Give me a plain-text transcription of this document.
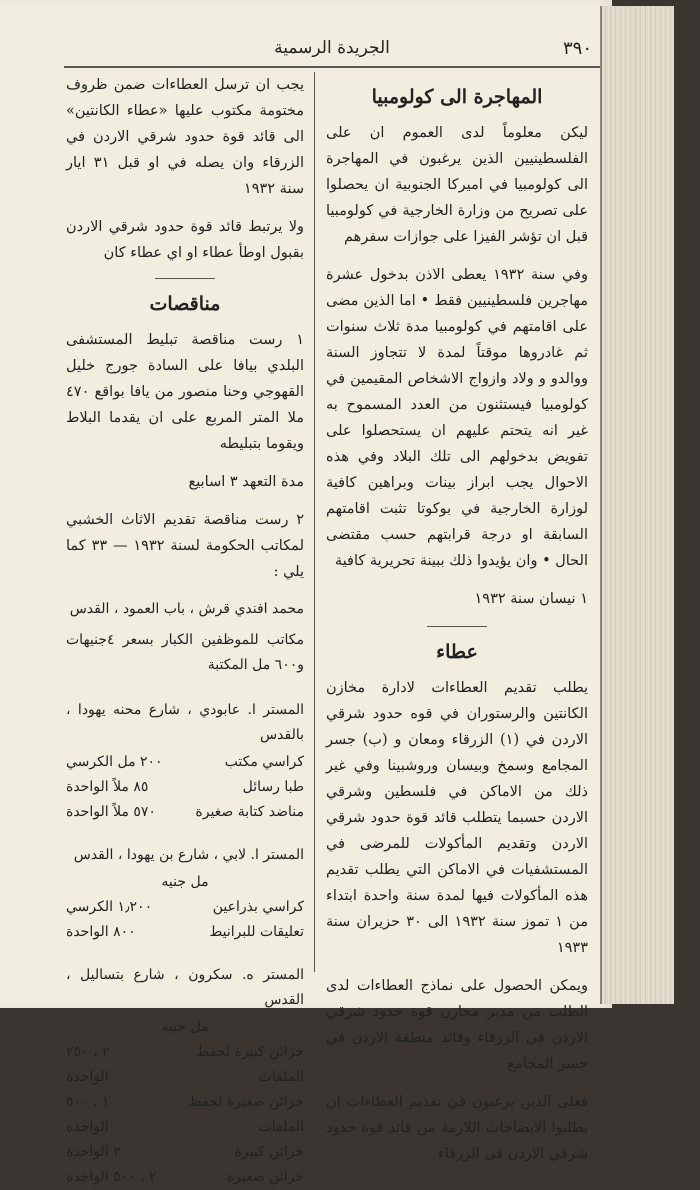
٣٩٠
الجريدة الرسمية
المهاجرة الى كولومبيا

ليكن معلوماً لدى العموم ان على الفلسطينيين الذين يرغبون في المهاجرة الى كولومبيا في اميركا الجنوبية ان يحصلوا على تصريح من وزارة الخارجية في كولومبيا قبل ان تؤشر الفيزا على جوازات سفرهم

وفي سنة ١٩٣٢ يعطى الاذن بدخول عشرة مهاجرين فلسطينيين فقط • اما الذين مضى على اقامتهم في كولومبيا مدة ثلاث سنوات ثم غادروها موقتاً لمدة لا تتجاوز السنة ووالدو و ولاد وازواج الاشخاص المقيمين في كولومبيا فيستثنون من العدد المسموح به غير انه يتحتم عليهم ان يستحصلوا على تفويض بدخولهم الى تلك البلاد وفي هذه الاحوال يجب ابراز بينات وبراهين كافية لوزارة الخارجية في بوكوتا تثبت اقامتهم السابقة او درجة قرابتهم حسب مقتضى الحال • وان يؤيدوا ذلك ببينة تحريرية كافية

١ نيسان سنة ١٩٣٢
عطاء

يطلب تقديم العطاءات لادارة مخازن الكانتين والرستوران في قوه حدود شرقي الاردن في (١) الزرقاء ومعان و (ب) جسر المجامع وسمخ وبيسان وروشبينا وفي غير ذلك من الاماكن في فلسطين وشرقي الاردن حسبما يتطلب قائد قوة حدود شرقي الاردن وتقديم المأكولات للمرضى في المستشفيات في الاماكن التي يطلب تقديم هذه المأكولات فيها لمدة سنة واحدة ابتداء من ١ تموز سنة ١٩٣٢ الى ٣٠ حزيران سنة ١٩٣٣

ويمكن الحصول على نماذج العطاءات لدى الطلب من مدير مخازن قوة حدود شرقي الاردن في الزرقاء وقائد منطقة الاردن في جسر المجامع

فعلى الذين يرغبون في تقديم العطاءات ان يطلبوا الايضاحات اللازمة من قائد قوة حدود شرقي الاردن في الزرقاء

يجب ان ترسل العطاءات ضمن ظروف مختومة مكتوب عليها «عطاء الكانتين» الى قائد قوة حدود شرقي الاردن في الزرقاء وان يصله في او قبل ٣١ ايار سنة ١٩٣٢

ولا يرتبط قائد قوة حدود شرقي الاردن بقبول اوطأ عطاء او اي عطاء كان

مناقصات

١ رست مناقصة تبليط المستشفى البلدي بيافا على السادة جورج خليل القهوجي وحنا منصور من يافا بواقع ٤٧٠ ملا المتر المربع على ان يقدما البلاط ويقوما بتبليطه

مدة التعهد ٣ اسابيع

٢ رست مناقصة تقديم الاثاث الخشبي لمكاتب الحكومة لسنة ١٩٣٢ — ٣٣ كما يلي :

محمد افندي قرش ، باب العمود ، القدس
مكاتب للموظفين الكبار بسعر ٤جنيهات و٦٠٠ مل المكتبة
المستر ا. عابودي ، شارع محنه يهودا ، بالقدس
كراسي مكتب
٢٠٠ مل الكرسي
طبا رسائل
٨٥ ملاً الواحدة
مناضد كتابة صغيرة
٥٧٠ ملاً الواحدة
المستر ا. لابي ، شارع بن يهودا ، القدس
مل جنيه
كراسي بذراعين
١٫٢٠٠ الكرسي
تعليقات للبرانيط
٨٠٠ الواحدة
المستر ه. سكرون ، شارع بتساليل ، القدس
مل جنيه
خزائن كبيرة لحفظ الملفات
٢ ، ٢٥٠ الواحدة
خزائن صغيرة لحفظ الملفات
١ ، ٥٠٠ الواحدة
خزائن كبيرة
٣ الواحدة
خزائن صغيرة
٢ ، ٥٠٠ الواحدة
